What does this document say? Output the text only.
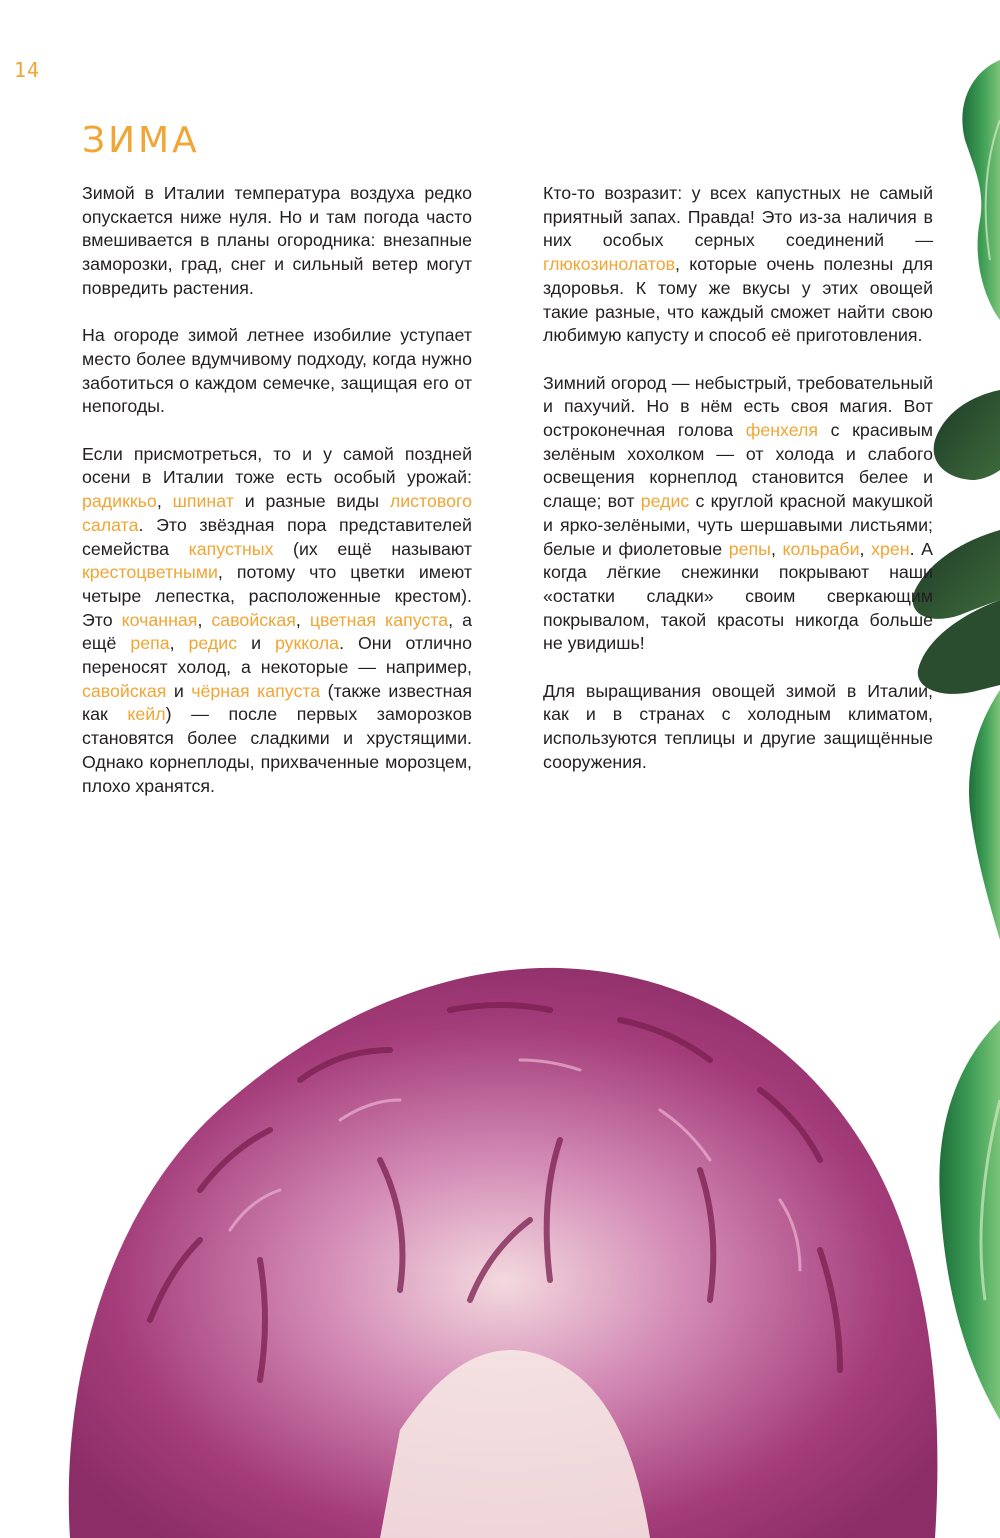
14
ЗИМА

Зимой в Италии температура воздуха редко опускается ниже нуля. Но и там погода часто вмешивается в планы огородника: внезапные заморозки, град, снег и сильный ветер могут повредить растения.

На огороде зимой летнее изобилие уступает место более вдумчивому подходу, когда нужно заботиться о каждом семечке, защищая его от непогоды.

Если присмотреться, то и у самой поздней осени в Италии тоже есть особый урожай: радиккьо, шпинат и разные виды листового салата. Это звёздная пора представителей семейства капустных (их ещё называют крестоцветными, потому что цветки имеют четыре лепестка, расположенные крестом). Это кочанная, савойская, цветная капуста, а ещё репа, редис и руккола. Они отлично переносят холод, а некоторые — например, савойская и чёрная капуста (также известная как кейл) — после первых заморозков становятся более сладкими и хрустящими. Однако корнеплоды, прихваченные морозцем, плохо хранятся.

Кто-то возразит: у всех капустных не самый приятный запах. Правда! Это из-за наличия в них особых серных соединений — глюкозинолатов, которые очень полезны для здоровья. К тому же вкусы у этих овощей такие разные, что каждый сможет найти свою любимую капусту и способ её приготовления.

Зимний огород — небыстрый, требовательный и пахучий. Но в нём есть своя магия. Вот остроконечная голова фенхеля с красивым зелёным хохолком — от холода и слабого освещения корнеплод становится белее и слаще; вот редис с круглой красной макушкой и ярко-зелёными, чуть шершавыми листьями; белые и фиолетовые репы, кольраби, хрен. А когда лёгкие снежинки покрывают наши «остатки сладки» своим сверкающим покрывалом, такой красоты никогда больше не увидишь!

Для выращивания овощей зимой в Италии, как и в странах с холодным климатом, используются теплицы и другие защищённые сооружения.
